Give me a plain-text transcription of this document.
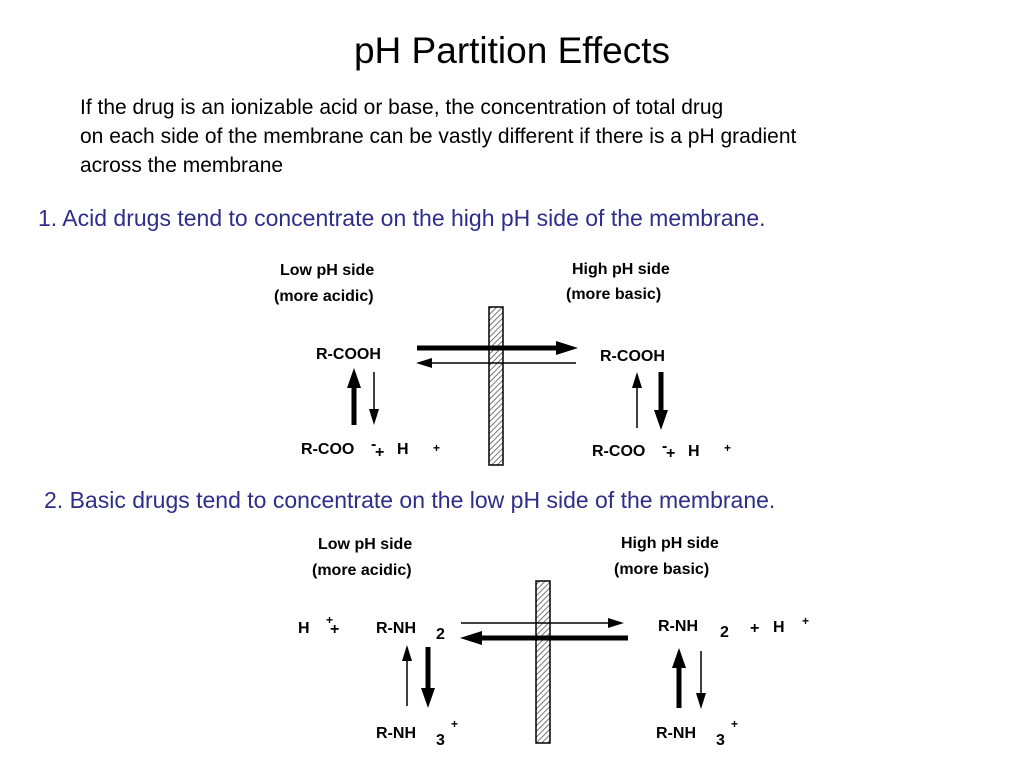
pH Partition Effects
If the drug is an ionizable acid or base, the concentration of total drug
on each side of the membrane can be vastly different if there is a pH gradient
across the membrane
1. Acid drugs tend to concentrate on the high pH side of the membrane.
2. Basic drugs tend to concentrate on the low pH side of the membrane.
Low pH side
(more acidic)
High pH side
(more basic)
R-COOH	R-COOH
R-COO -
+ H +	R-COO -
+ H +
Low pH side
(more acidic)
High pH side
(more basic)
H +
+ R-NH 2	R-NH 2 + H +
R-NH 3
+
R-NH 3
+
